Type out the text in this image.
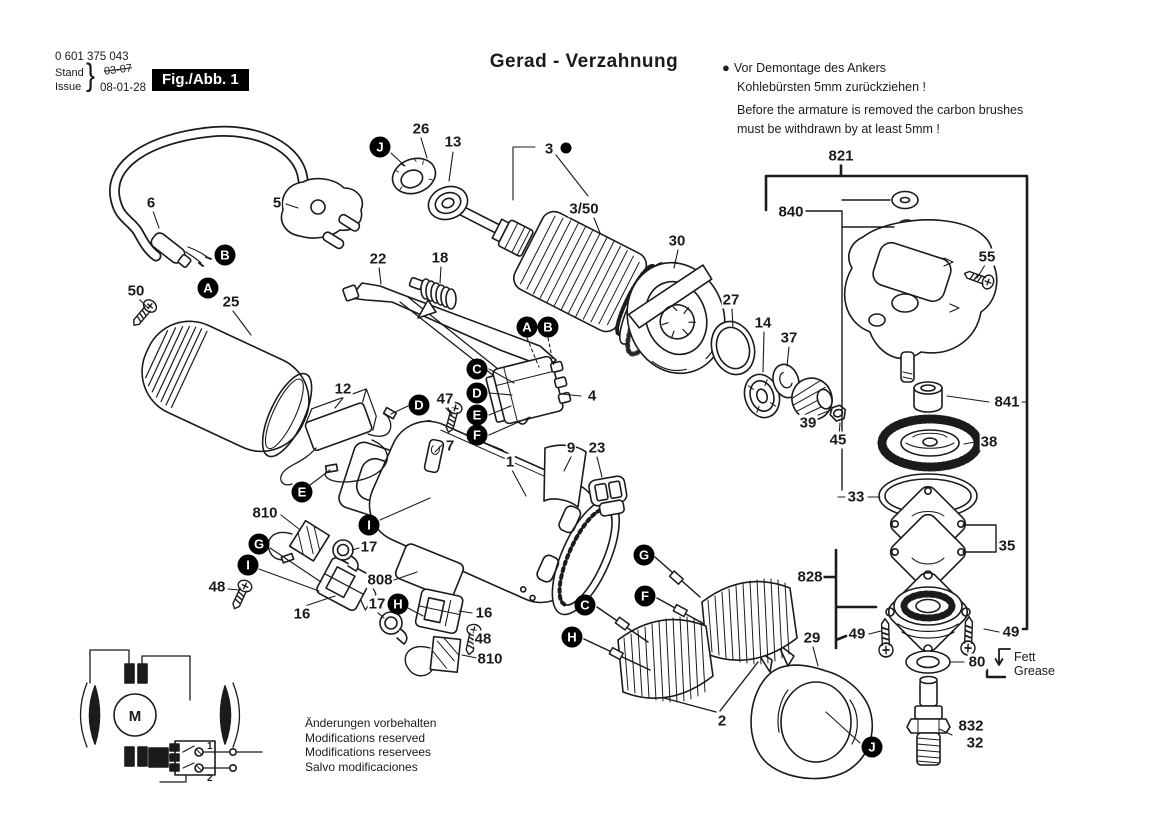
1
2
M
0 601 375 043
Stand
Issue } 03-07
08-01-28	Fig./Abb. 1
Gerad - Verzahnung	● Vor Demontage des Ankers
Kohlebürsten 5mm zurückziehen !
Before the armature is removed the carbon brushes
must be withdrawn by at least 5mm !
Änderungen vorbehalten
Modifications reserved
Modifications reservees
Salvo modificaciones
Fett
Grease
26
13	3
3/50
6	5
50
25
22	18
30
27
14
37
39
45
821
840
55
841
38
33
35
828
49	49
80
832
32
29
12
47
7
4
9 23
1
810
17
808
48
16
17
16
48
810
2
J
B
A
A B
C
D
E
F
D
E
I
G
I
H
G
F
C
H
J
